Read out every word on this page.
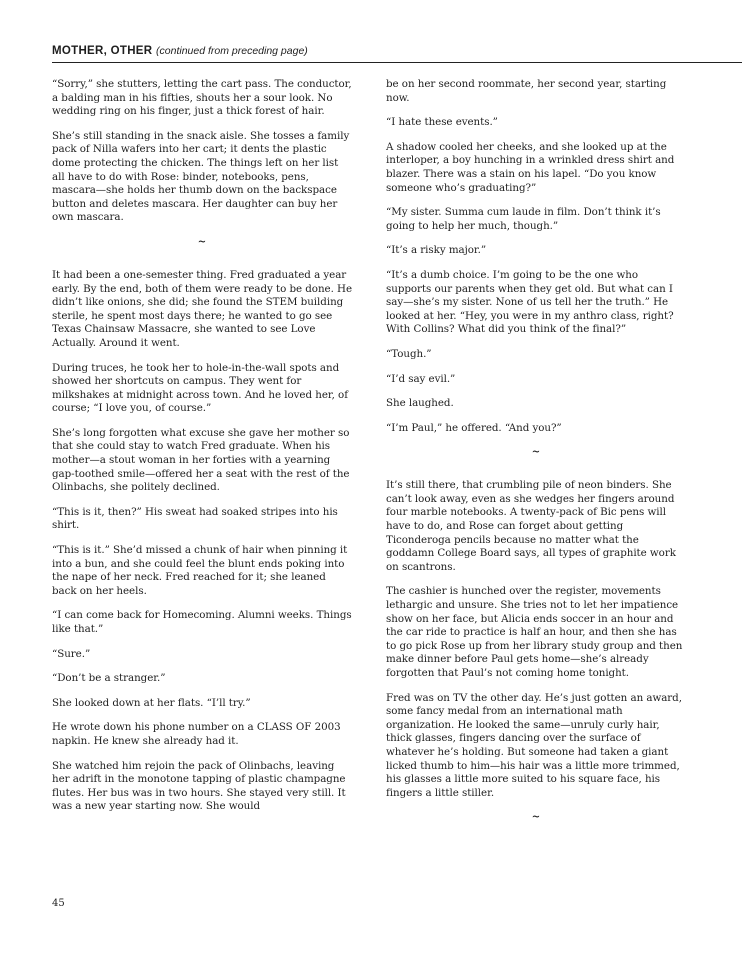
MOTHER, OTHER (continued from preceding page)

“Sorry,” she stutters, letting the cart pass. The conductor, a balding man in his fifties, shouts her a sour look. No wedding ring on his finger, just a thick forest of hair.

She’s still standing in the snack aisle. She tosses a family pack of Nilla wafers into her cart; it dents the plastic dome protecting the chicken. The things left on her list all have to do with Rose: binder, notebooks, pens, mascara—she holds her thumb down on the backspace button and deletes mascara. Her daughter can buy her own mascara.

~

It had been a one-semester thing. Fred graduated a year early. By the end, both of them were ready to be done. He didn’t like onions, she did; she found the STEM building sterile, he spent most days there; he wanted to go see Texas Chainsaw Massacre, she wanted to see Love Actually. Around it went.

During truces, he took her to hole-in-the-wall spots and showed her shortcuts on campus. They went for milkshakes at midnight across town. And he loved her, of course; “I love you, of course.”

She’s long forgotten what excuse she gave her mother so that she could stay to watch Fred graduate. When his mother—a stout woman in her forties with a yearning gap-toothed smile—offered her a seat with the rest of the Olinbachs, she politely declined.

“This is it, then?” His sweat had soaked stripes into his shirt.

“This is it.” She’d missed a chunk of hair when pinning it into a bun, and she could feel the blunt ends poking into the nape of her neck. Fred reached for it; she leaned back on her heels.

“I can come back for Homecoming. Alumni weeks. Things like that.”

“Sure.”

“Don’t be a stranger.”

She looked down at her flats. “I’ll try.”

He wrote down his phone number on a CLASS OF 2003 napkin. He knew she already had it.

She watched him rejoin the pack of Olinbachs, leaving her adrift in the monotone tapping of plastic champagne flutes. Her bus was in two hours. She stayed very still. It was a new year starting now. She would

be on her second roommate, her second year, starting now.

“I hate these events.”

A shadow cooled her cheeks, and she looked up at the interloper, a boy hunching in a wrinkled dress shirt and blazer. There was a stain on his lapel. “Do you know someone who’s graduating?”

“My sister. Summa cum laude in film. Don’t think it’s going to help her much, though.”

“It’s a risky major.”

“It’s a dumb choice. I’m going to be the one who supports our parents when they get old. But what can I say—she’s my sister. None of us tell her the truth.” He looked at her. “Hey, you were in my anthro class, right? With Collins? What did you think of the final?”

“Tough.”

“I’d say evil.”

She laughed.

“I’m Paul,” he offered. “And you?”

~

It’s still there, that crumbling pile of neon binders. She can’t look away, even as she wedges her fingers around four marble notebooks. A twenty-pack of Bic pens will have to do, and Rose can forget about getting Ticonderoga pencils because no matter what the goddamn College Board says, all types of graphite work on scantrons.

The cashier is hunched over the register, movements lethargic and unsure. She tries not to let her impatience show on her face, but Alicia ends soccer in an hour and the car ride to practice is half an hour, and then she has to go pick Rose up from her library study group and then make dinner before Paul gets home—she’s already forgotten that Paul’s not coming home tonight.

Fred was on TV the other day. He’s just gotten an award, some fancy medal from an international math organization. He looked the same—unruly curly hair, thick glasses, fingers dancing over the surface of whatever he’s holding. But someone had taken a giant licked thumb to him—his hair was a little more trimmed, his glasses a little more suited to his square face, his fingers a little stiller.

~
45
